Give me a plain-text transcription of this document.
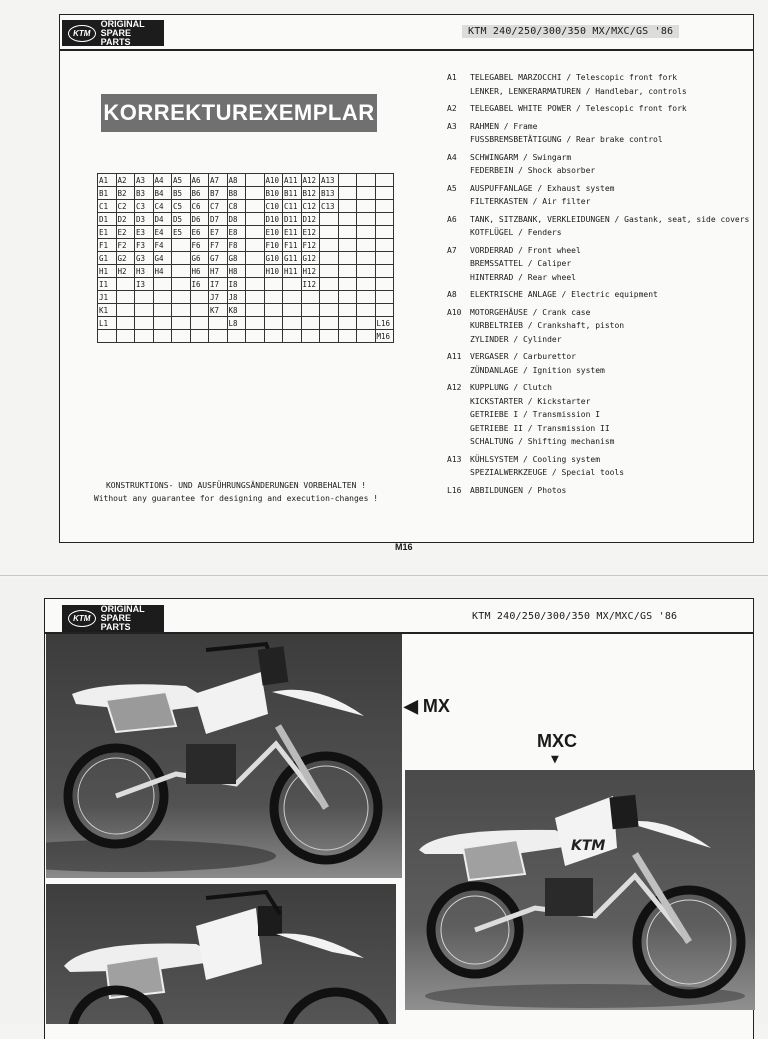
KTM
ORIGINAL
SPARE PARTS
KTM 240/250/300/350 MX/MXC/GS '86
KORREKTUREXEMPLAR
A1	A2	A3	A4	A5	A6	A7	A8		A10	A11	A12	A13			
B1	B2	B3	B4	B5	B6	B7	B8		B10	B11	B12	B13			
C1	C2	C3	C4	C5	C6	C7	C8		C10	C11	C12	C13			
D1	D2	D3	D4	D5	D6	D7	D8		D10	D11	D12				
E1	E2	E3	E4	E5	E6	E7	E8		E10	E11	E12				
F1	F2	F3	F4		F6	F7	F8		F10	F11	F12				
G1	G2	G3	G4		G6	G7	G8		G10	G11	G12				
H1	H2	H3	H4		H6	H7	H8		H10	H11	H12				
I1		I3			I6	I7	I8				I12				
J1						J7	J8								
K1						K7	K8								
L1							L8								L16
															M16
KONSTRUKTIONS- UND AUSFÜHRUNGSÄNDERUNGEN VORBEHALTEN !
Without any guarantee for designing and execution-changes !
A1	TELEGABEL MARZOCCHI / Telescopic front fork
LENKER, LENKERARMATUREN / Handlebar, controls
A2	TELEGABEL WHITE POWER / Telescopic front fork
A3	RAHMEN / Frame
FUSSBREMSBETÄTIGUNG / Rear brake control
A4	SCHWINGARM / Swingarm
FEDERBEIN / Shock absorber
A5	AUSPUFFANLAGE / Exhaust system
FILTERKASTEN / Air filter
A6	TANK, SITZBANK, VERKLEIDUNGEN / Gastank, seat, side covers
KOTFLÜGEL / Fenders
A7	VORDERRAD / Front wheel
BREMSSATTEL / Caliper
HINTERRAD / Rear wheel
A8	ELEKTRISCHE ANLAGE / Electric equipment
A10	MOTORGEHÄUSE / Crank case
KURBELTRIEB / Crankshaft, piston
ZYLINDER / Cylinder
A11	VERGASER / Carburettor
ZÜNDANLAGE / Ignition system
A12	KUPPLUNG / Clutch
KICKSTARTER / Kickstarter
GETRIEBE I / Transmission I
GETRIEBE II / Transmission II
SCHALTUNG / Shifting mechanism
A13	KÜHLSYSTEM / Cooling system
SPEZIALWERKZEUGE / Special tools
L16	ABBILDUNGEN / Photos
M16
KTM
ORIGINAL
SPARE PARTS
KTM 240/250/300/350 MX/MXC/GS '86
◀ MX
MXC
▼
KTM
